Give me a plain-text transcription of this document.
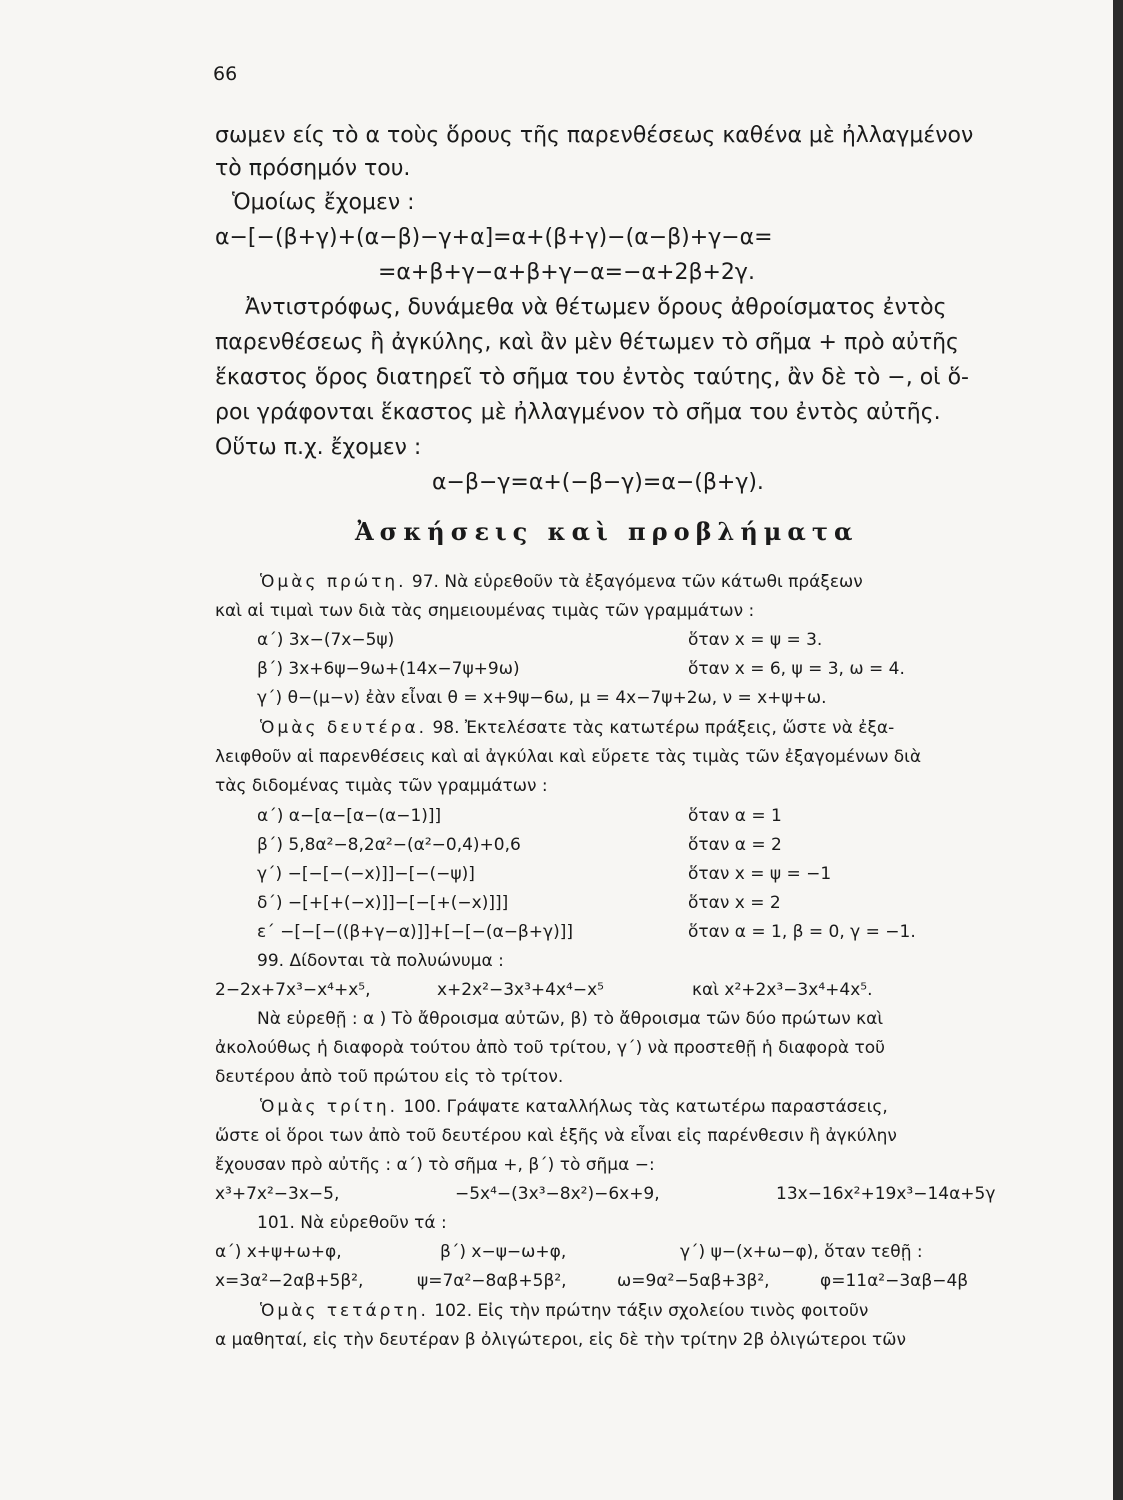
66
σωμεν είς τὸ α τοὺς ὅρους τῆς παρενθέσεως καθένα μὲ ἠλλαγμένον
τὸ πρόσημόν του.
Ὁμοίως ἔχομεν :
α−[−(β+γ)+(α−β)−γ+α]=α+(β+γ)−(α−β)+γ−α=
=α+β+γ−α+β+γ−α=−α+2β+2γ.
Ἀντιστρόφως, δυνάμεθα νὰ θέτωμεν ὅρους ἀθροίσματος ἐντὸς
παρενθέσεως ἢ ἀγκύλης, καὶ ἂν μὲν θέτωμεν τὸ σῆμα + πρὸ αὐτῆς
ἕκαστος ὅρος διατηρεῖ τὸ σῆμα του ἐντὸς ταύτης, ἂν δὲ τὸ −, οἱ ὅ-
ροι γράφονται ἕκαστος μὲ ἠλλαγμένον τὸ σῆμα του ἐντὸς αὐτῆς.
Οὕτω π.χ. ἔχομεν :
α−β−γ=α+(−β−γ)=α−(β+γ).
Ἀσκήσεις καὶ προβλήματα
Ὁμὰς πρώτη. 97. Νὰ εὑρεθοῦν τὰ ἐξαγόμενα τῶν κάτωθι πράξεων
καὶ αἱ τιμαὶ των διὰ τὰς σημειουμένας τιμὰς τῶν γραμμάτων :
α΄) 3x−(7x−5ψ)	ὅταν x = ψ = 3.
β΄) 3x+6ψ−9ω+(14x−7ψ+9ω)	ὅταν x = 6, ψ = 3, ω = 4.
γ΄) θ−(μ−ν) ἐὰν εἶναι θ = x+9ψ−6ω, μ = 4x−7ψ+2ω, ν = x+ψ+ω.
Ὁμὰς δευτέρα. 98. Ἐκτελέσατε τὰς κατωτέρω πράξεις, ὥστε νὰ ἐξα-
λειφθοῦν αἱ παρενθέσεις καὶ αἱ ἀγκύλαι καὶ εὕρετε τὰς τιμὰς τῶν ἐξαγομένων διὰ
τὰς διδομένας τιμὰς τῶν γραμμάτων :
α΄) α−[α−[α−(α−1)]]	ὅταν α = 1
β΄) 5,8α²−8,2α²−(α²−0,4)+0,6	ὅταν α = 2
γ΄) −[−[−(−x)]]−[−(−ψ)]	ὅταν x = ψ = −1
δ΄) −[+[+(−x)]]−[−[+(−x)]]]	ὅταν x = 2
ε΄ −[−[−((β+γ−α)]]+[−[−(α−β+γ)]]	ὅταν α = 1, β = 0, γ = −1.
99. Δίδονται τὰ πολυώνυμα :
2−2x+7x³−x⁴+x⁵,	x+2x²−3x³+4x⁴−x⁵	καὶ x²+2x³−3x⁴+4x⁵.
Νὰ εὑρεθῇ : α ) Τὸ ἄθροισμα αὐτῶν, β) τὸ ἄθροισμα τῶν δύο πρώτων καὶ
ἀκολούθως ἡ διαφορὰ τούτου ἀπὸ τοῦ τρίτου, γ΄) νὰ προστεθῇ ἡ διαφορὰ τοῦ
δευτέρου ἀπὸ τοῦ πρώτου εἰς τὸ τρίτον.
Ὁμὰς τρίτη. 100. Γράψατε καταλλήλως τὰς κατωτέρω παραστάσεις,
ὥστε οἱ ὅροι των ἀπὸ τοῦ δευτέρου καὶ ἑξῆς νὰ εἶναι εἰς παρένθεσιν ἢ ἀγκύλην
ἔχουσαν πρὸ αὐτῆς : α΄) τὸ σῆμα +, β΄) τὸ σῆμα −:
x³+7x²−3x−5,	−5x⁴−(3x³−8x²)−6x+9,	13x−16x²+19x³−14α+5γ
101. Νὰ εὑρεθοῦν τά :
α΄) x+ψ+ω+φ,	β΄) x−ψ−ω+φ,	γ΄) ψ−(x+ω−φ), ὅταν τεθῇ :
x=3α²−2αβ+5β²,	ψ=7α²−8αβ+5β²,	ω=9α²−5αβ+3β²,	φ=11α²−3αβ−4β
Ὁμὰς τετάρτη. 102. Εἰς τὴν πρώτην τάξιν σχολείου τινὸς φοιτοῦν
α μαθηταί, εἰς τὴν δευτέραν β ὀλιγώτεροι, εἰς δὲ τὴν τρίτην 2β ὀλιγώτεροι τῶν
